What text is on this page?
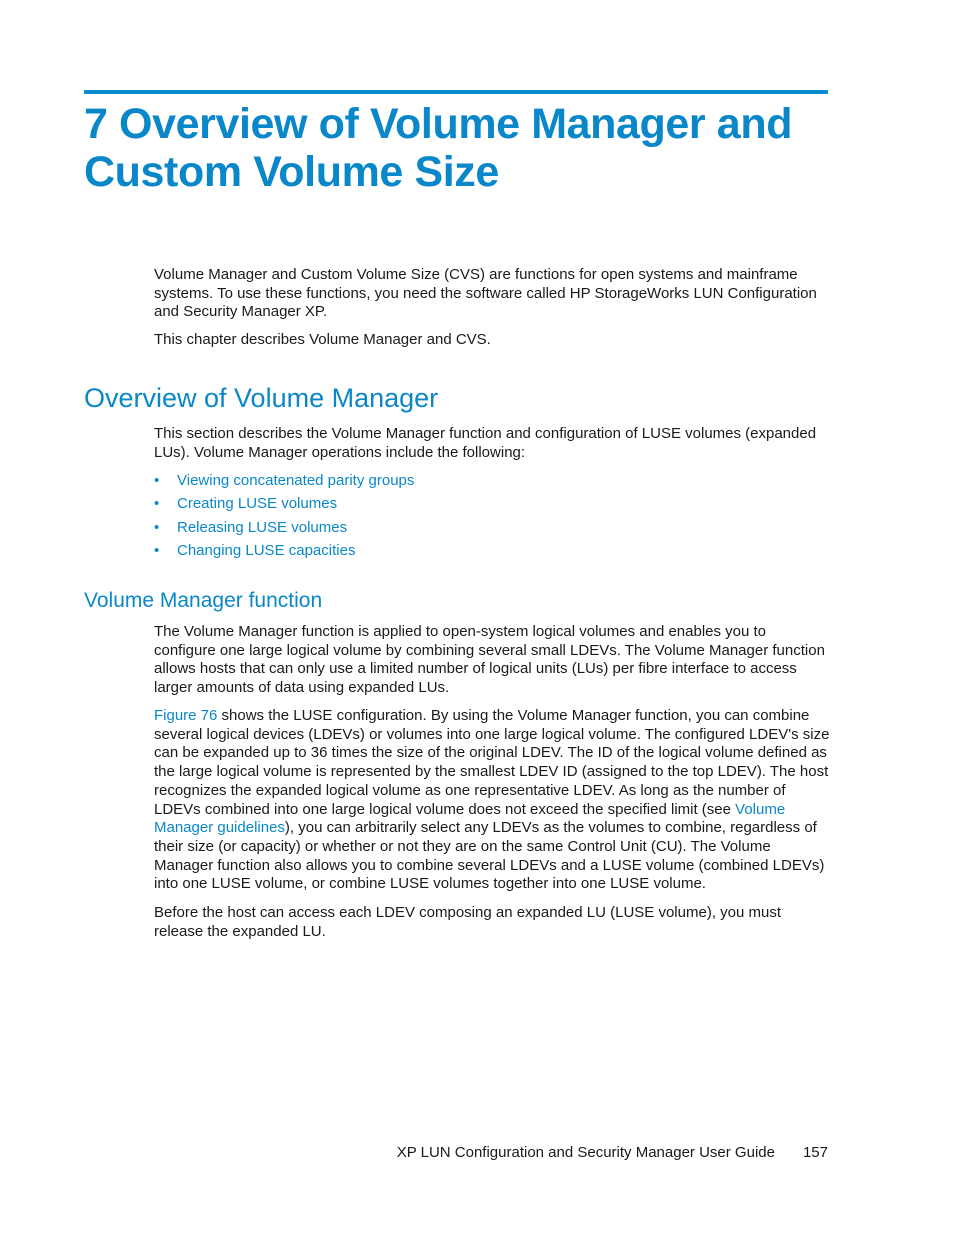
7 Overview of Volume Manager and
Custom Volume Size

Volume Manager and Custom Volume Size (CVS) are functions for open systems and mainframe systems. To use these functions, you need the software called HP StorageWorks LUN Configuration and Security Manager XP.

This chapter describes Volume Manager and CVS.

Overview of Volume Manager

This section describes the Volume Manager function and configuration of LUSE volumes (expanded LUs). Volume Manager operations include the following:

•	Viewing concatenated parity groups
•	Creating LUSE volumes
•	Releasing LUSE volumes
•	Changing LUSE capacities
Volume Manager function

The Volume Manager function is applied to open-system logical volumes and enables you to configure one large logical volume by combining several small LDEVs. The Volume Manager function allows hosts that can only use a limited number of logical units (LUs) per fibre interface to access larger amounts of data using expanded LUs.

Figure 76 shows the LUSE configuration. By using the Volume Manager function, you can combine several logical devices (LDEVs) or volumes into one large logical volume. The configured LDEV's size can be expanded up to 36 times the size of the original LDEV. The ID of the logical volume defined as the large logical volume is represented by the smallest LDEV ID (assigned to the top LDEV). The host recognizes the expanded logical volume as one representative LDEV. As long as the number of LDEVs combined into one large logical volume does not exceed the specified limit (see Volume Manager guidelines), you can arbitrarily select any LDEVs as the volumes to combine, regardless of their size (or capacity) or whether or not they are on the same Control Unit (CU). The Volume Manager function also allows you to combine several LDEVs and a LUSE volume (combined LDEVs) into one LUSE volume, or combine LUSE volumes together into one LUSE volume.

Before the host can access each LDEV composing an expanded LU (LUSE volume), you must release the expanded LU.

XP LUN Configuration and Security Manager User Guide 157
